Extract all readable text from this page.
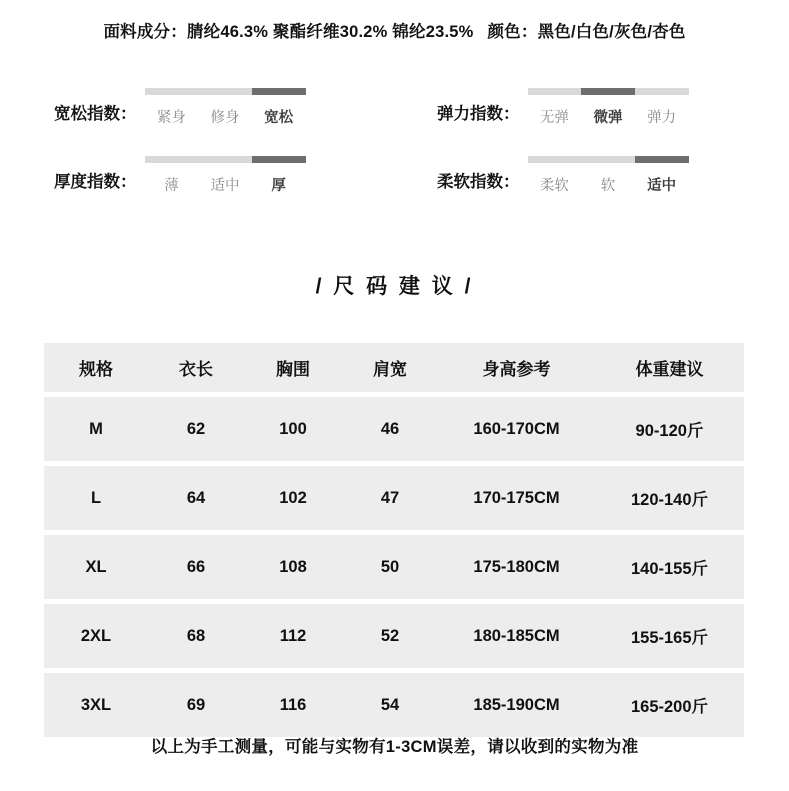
面料成分：腈纶46.3% 聚酯纤维30.2% 锦纶23.5% 颜色：黑色/白色/灰色/杏色
宽松指数：	紧身	修身	宽松	弹力指数：	无弹	微弹	弹力
厚度指数：	薄	适中	厚	柔软指数：	柔软	软	适中
/ 尺 码 建 议 /
规格	衣长	胸围	肩宽	身高参考	体重建议
M	62	100	46	160-170CM	90-120斤
L	64	102	47	170-175CM	120-140斤
XL	66	108	50	175-180CM	140-155斤
2XL	68	112	52	180-185CM	155-165斤
3XL	69	116	54	185-190CM	165-200斤
以上为手工测量，可能与实物有1-3CM误差，请以收到的实物为准
